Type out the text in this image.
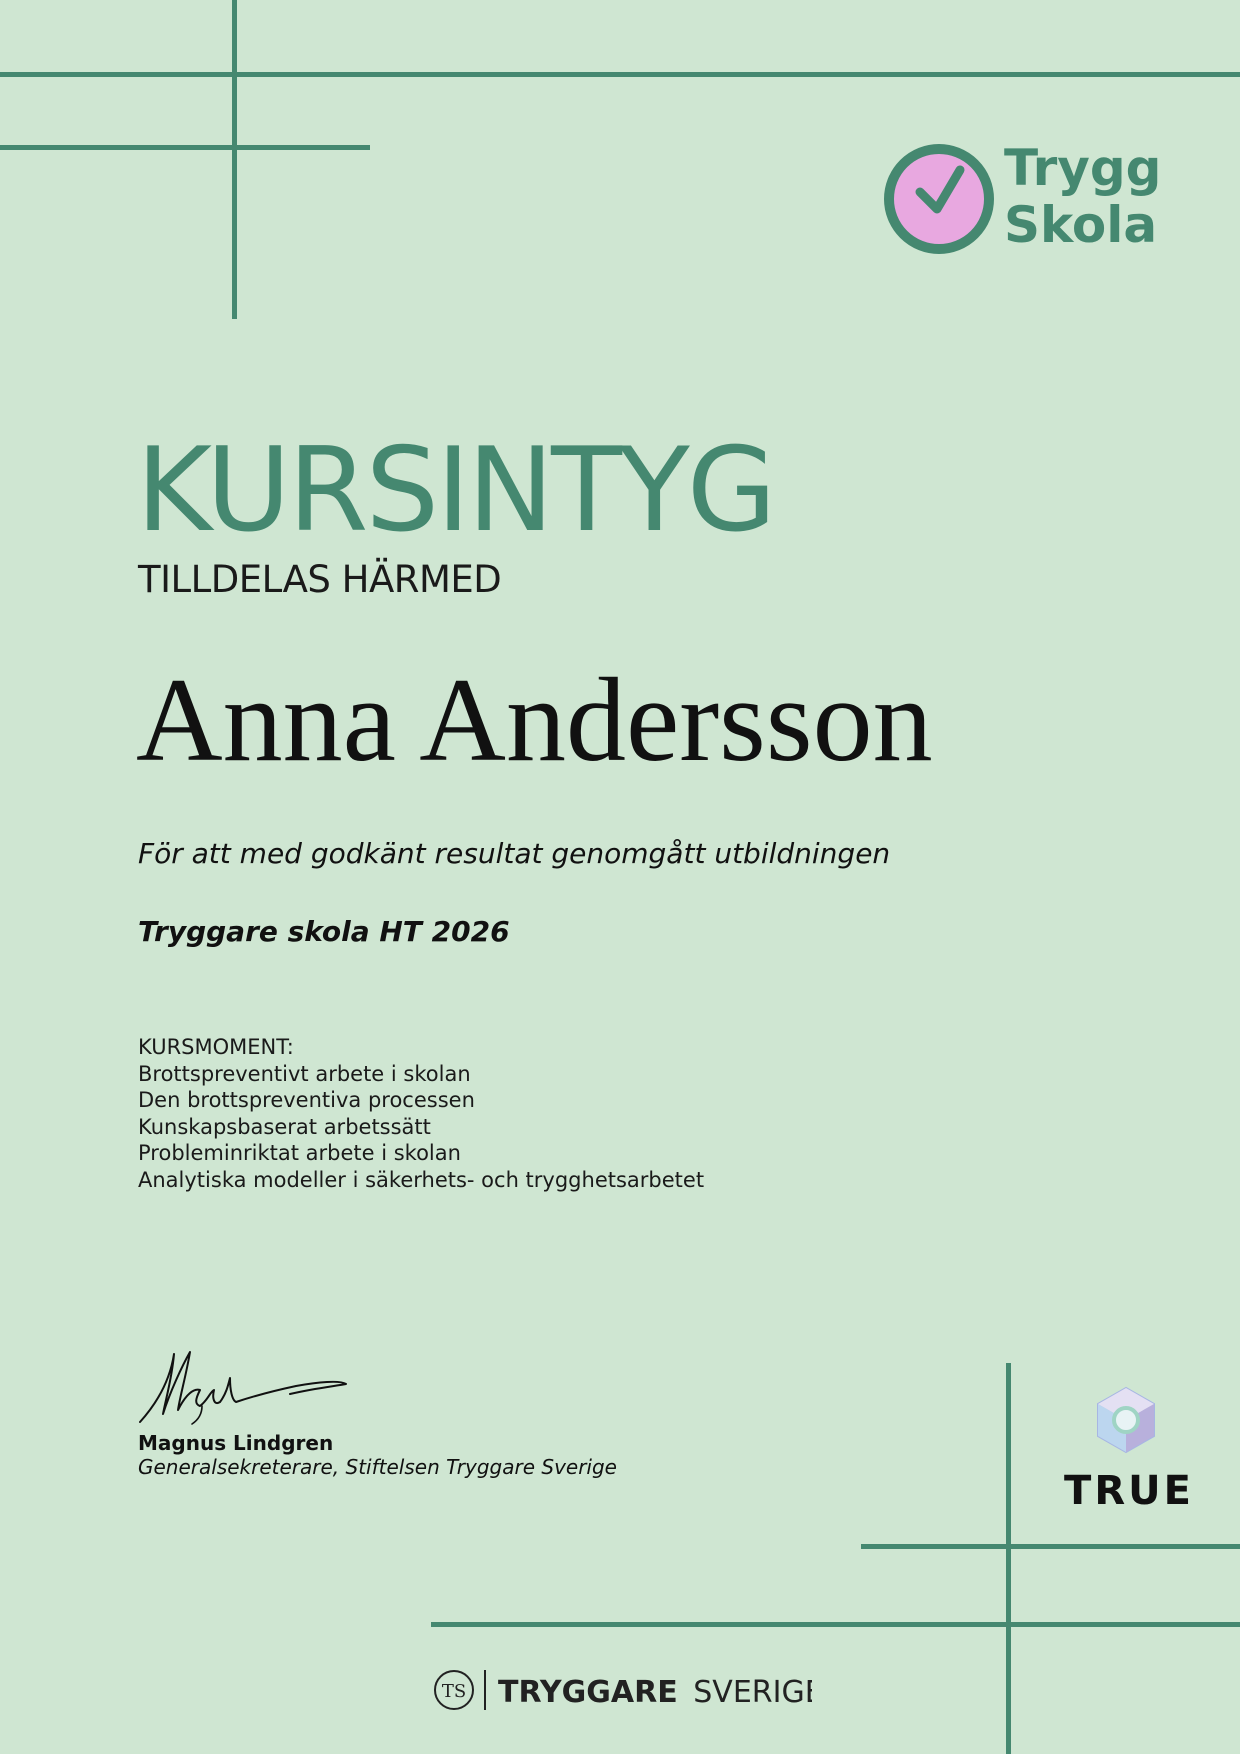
Trygg
Skola
KURSINTYG
TILLDELAS HÄRMED
Anna Andersson
För att med godkänt resultat genomgått utbildningen
Tryggare skola HT 2026
KURSMOMENT:
Brottspreventivt arbete i skolan
Den brottspreventiva processen
Kunskapsbaserat arbetssätt
Probleminriktat arbete i skolan
Analytiska modeller i säkerhets- och trygghetsarbetet
Magnus Lindgren
Generalsekreterare, Stiftelsen Tryggare Sverige
TRUE
TS TRYGGARE SVERIGE
